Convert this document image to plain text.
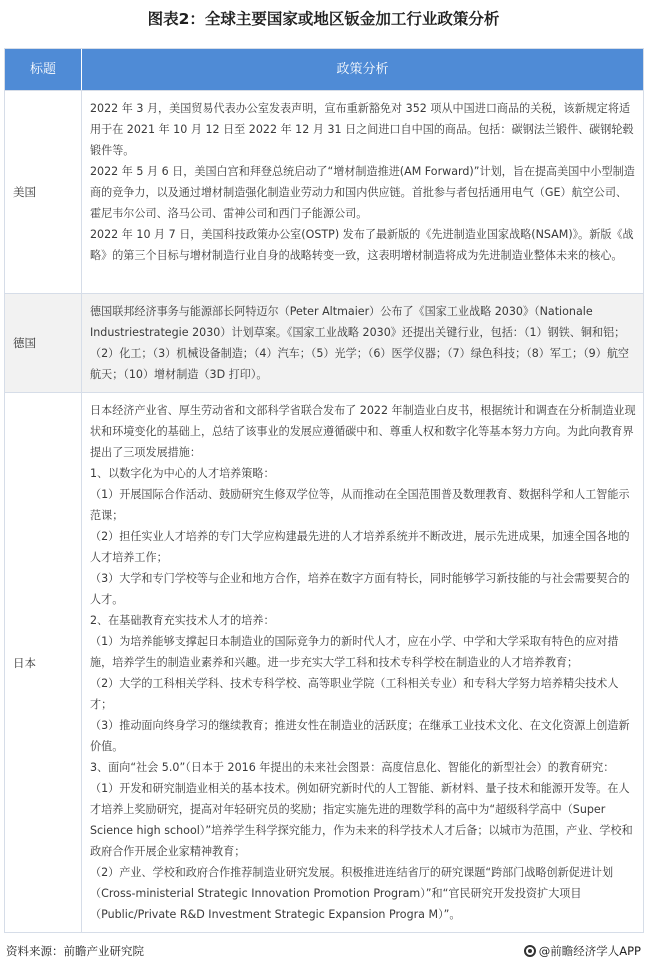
图表2：全球主要国家或地区钣金加工行业政策分析
标题	政策分析
美国
2022 年 3 月，美国贸易代表办公室发表声明，宣布重新豁免对 352 项从中国进口商品的关税，该新规定将适用于在 2021 年 10 月 12 日至 2022 年 12 月 31 日之间进口自中国的商品。包括：碳钢法兰锻件、碳钢轮毂锻件等。
2022 年 5 月 6 日，美国白宫和拜登总统启动了“增材制造推进(AM Forward)”计划，旨在提高美国中小型制造商的竞争力，以及通过增材制造强化制造业劳动力和国内供应链。首批参与者包括通用电气（GE）航空公司、霍尼韦尔公司、洛马公司、雷神公司和西门子能源公司。
2022 年 10 月 7 日，美国科技政策办公室(OSTP) 发布了最新版的《先进制造业国家战略(NSAM)》。新版《战略》的第三个目标与增材制造行业自身的战略转变一致，这表明增材制造将成为先进制造业整体未来的核心。
德国
德国联邦经济事务与能源部长阿特迈尔（Peter Altmaier）公布了《国家工业战略 2030》（Nationale Industriestrategie 2030）计划草案。《国家工业战略 2030》还提出关键行业，包括：（1）钢铁、铜和铝；（2）化工；（3）机械设备制造；（4）汽车；（5）光学；（6）医学仪器；（7）绿色科技；（8）军工；（9）航空航天；（10）增材制造（3D 打印）。
日本
日本经济产业省、厚生劳动省和文部科学省联合发布了 2022 年制造业白皮书，根据统计和调查在分析制造业现状和环境变化的基础上，总结了该事业的发展应遵循碳中和、尊重人权和数字化等基本努力方向。为此向教育界提出了三项发展措施：
1、以数字化为中心的人才培养策略：
（1）开展国际合作活动、鼓励研究生修双学位等，从而推动在全国范围普及数理教育、数据科学和人工智能示范课；
（2）担任实业人才培养的专门大学应构建最先进的人才培养系统并不断改进，展示先进成果，加速全国各地的人才培养工作；
（3）大学和专门学校等与企业和地方合作，培养在数字方面有特长，同时能够学习新技能的与社会需要契合的人才。
2、在基础教育充实技术人才的培养：
（1）为培养能够支撑起日本制造业的国际竞争力的新时代人才，应在小学、中学和大学采取有特色的应对措施，培养学生的制造业素养和兴趣。进一步充实大学工科和技术专科学校在制造业的人才培养教育；
（2）大学的工科相关学科、技术专科学校、高等职业学院（工科相关专业）和专科大学努力培养精尖技术人才；
（3）推动面向终身学习的继续教育；推进女性在制造业的活跃度；在继承工业技术文化、在文化资源上创造新价值。
3、面向“社会 5.0”（日本于 2016 年提出的未来社会图景：高度信息化、智能化的新型社会）的教育研究：
（1）开发和研究制造业相关的基本技术。例如研究新时代的人工智能、新材料、量子技术和能源开发等。在人才培养上奖励研究，提高对年轻研究员的奖励；指定实施先进的理数学科的高中为“超级科学高中（Super Science high school）”培养学生科学探究能力，作为未来的科学技术人才后备；以城市为范围，产业、学校和政府合作开展企业家精神教育；
（2）产业、学校和政府合作推荐制造业研究发展。积极推进连结省厅的研究课题“跨部门战略创新促进计划（Cross-ministerial Strategic Innovation Promotion Program）”和“官民研究开发投资扩大项目（Public/Private R&D Investment Strategic Expansion Progra M）”。
资料来源：前瞻产业研究院	@前瞻经济学人APP
